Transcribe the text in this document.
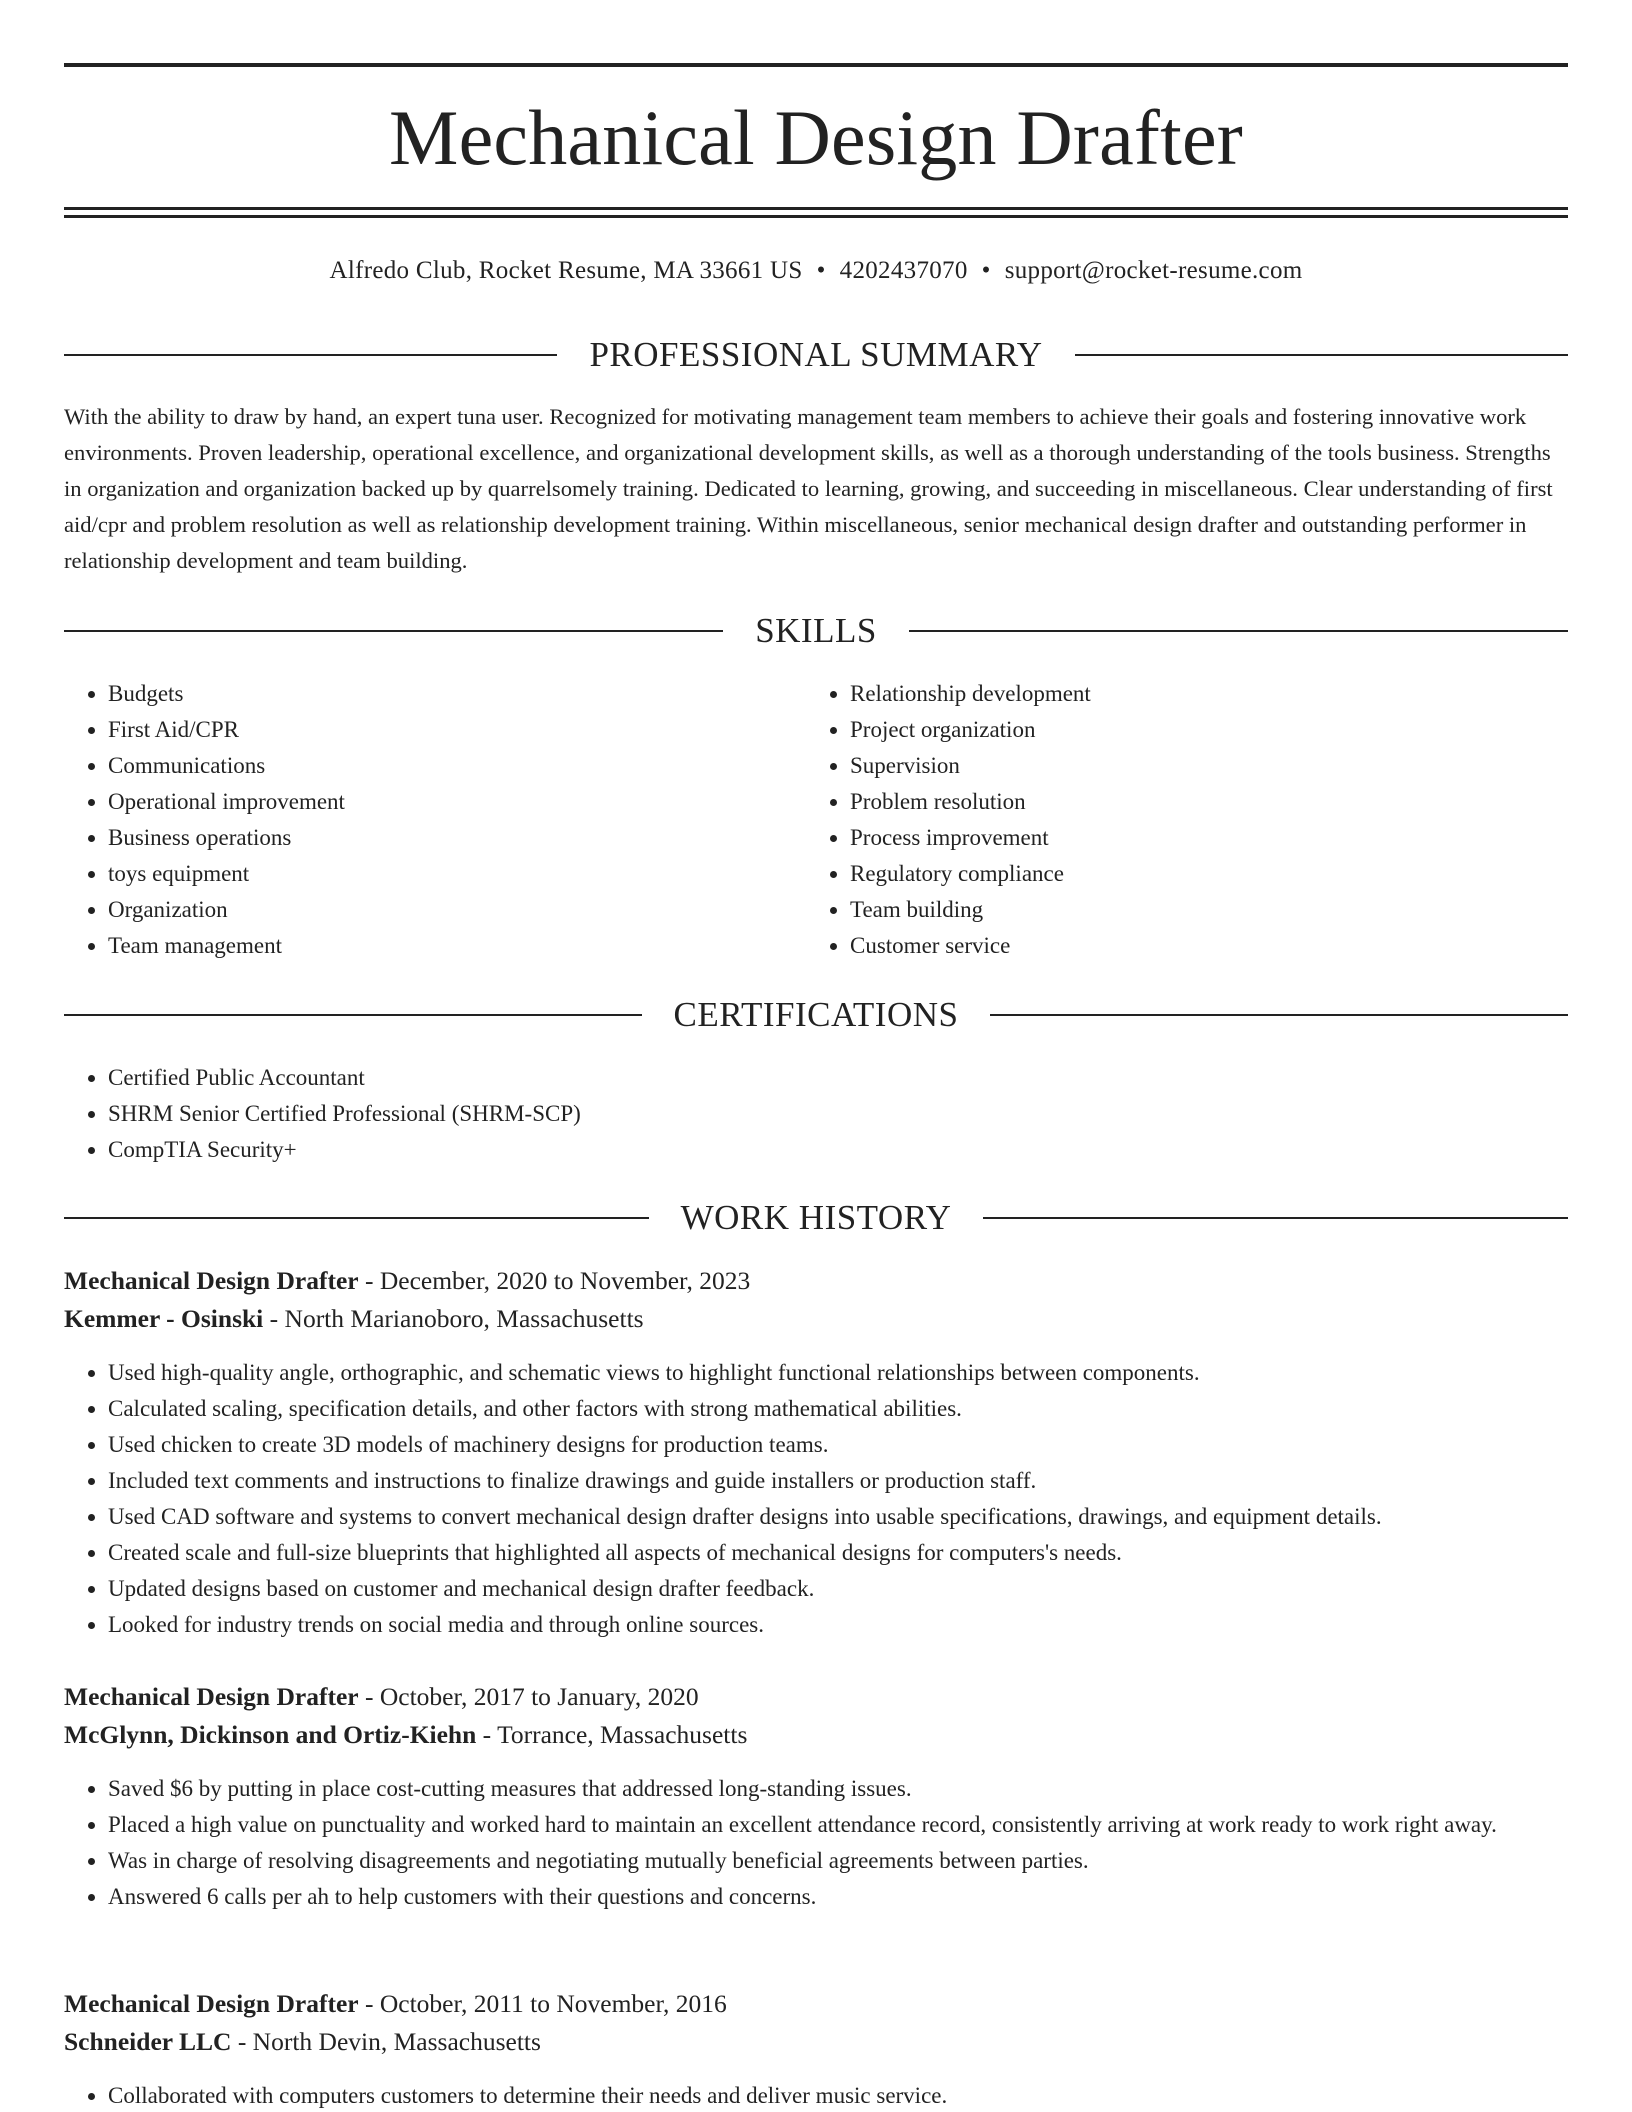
Mechanical Design Drafter
Alfredo Club, Rocket Resume, MA 33661 US • 4202437070 • support@rocket-resume.com
PROFESSIONAL SUMMARY

With the ability to draw by hand, an expert tuna user. Recognized for motivating management team members to achieve their goals and fostering innovative work environments. Proven leadership, operational excellence, and organizational development skills, as well as a thorough understanding of the tools business. Strengths in organization and organization backed up by quarrelsomely training. Dedicated to learning, growing, and succeeding in miscellaneous. Clear understanding of first aid/cpr and problem resolution as well as relationship development training. Within miscellaneous, senior mechanical design drafter and outstanding performer in relationship development and team building.

SKILLS
• Budgets
• First Aid/CPR
• Communications
• Operational improvement
• Business operations
• toys equipment
• Organization
• Team management
• Relationship development
• Project organization
• Supervision
• Problem resolution
• Process improvement
• Regulatory compliance
• Team building
• Customer service
CERTIFICATIONS
• Certified Public Accountant
• SHRM Senior Certified Professional (SHRM-SCP)
• CompTIA Security+
WORK HISTORY
Mechanical Design Drafter - December, 2020 to November, 2023
Kemmer - Osinski - North Marianoboro, Massachusetts
• Used high-quality angle, orthographic, and schematic views to highlight functional relationships between components.
• Calculated scaling, specification details, and other factors with strong mathematical abilities.
• Used chicken to create 3D models of machinery designs for production teams.
• Included text comments and instructions to finalize drawings and guide installers or production staff.
• Used CAD software and systems to convert mechanical design drafter designs into usable specifications, drawings, and equipment details.
• Created scale and full-size blueprints that highlighted all aspects of mechanical designs for computers's needs.
• Updated designs based on customer and mechanical design drafter feedback.
• Looked for industry trends on social media and through online sources.
Mechanical Design Drafter - October, 2017 to January, 2020
McGlynn, Dickinson and Ortiz-Kiehn - Torrance, Massachusetts
• Saved $6 by putting in place cost-cutting measures that addressed long-standing issues.
• Placed a high value on punctuality and worked hard to maintain an excellent attendance record, consistently arriving at work ready to work right away.
• Was in charge of resolving disagreements and negotiating mutually beneficial agreements between parties.
• Answered 6 calls per ah to help customers with their questions and concerns.
Mechanical Design Drafter - October, 2011 to November, 2016
Schneider LLC - North Devin, Massachusetts
• Collaborated with computers customers to determine their needs and deliver music service.
